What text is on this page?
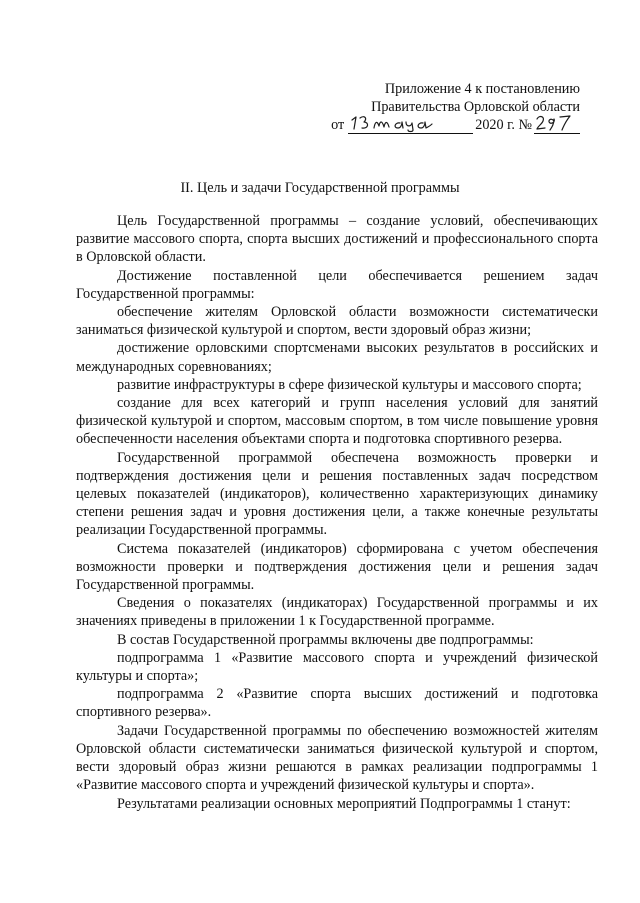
Приложение 4 к постановлению
Правительства Орловской области
от	2020 г. №
II. Цель и задачи Государственной программы

Цель Государственной программы – создание условий, обеспечивающих развитие массового спорта, спорта высших достижений и профессионального спорта в Орловской области.

Достижение поставленной цели обеспечивается решением задач Государственной программы:

обеспечение жителям Орловской области возможности систематически заниматься физической культурой и спортом, вести здоровый образ жизни;

достижение орловскими спортсменами высоких результатов в российских и международных соревнованиях;

развитие инфраструктуры в сфере физической культуры и массового спорта;

создание для всех категорий и групп населения условий для занятий физической культурой и спортом, массовым спортом, в том числе повышение уровня обеспеченности населения объектами спорта и подготовка спортивного резерва.

Государственной программой обеспечена возможность проверки и подтверждения достижения цели и решения поставленных задач посредством целевых показателей (индикаторов), количественно характеризующих динамику степени решения задач и уровня достижения цели, а также конечные результаты реализации Государственной программы.

Система показателей (индикаторов) сформирована с учетом обеспечения возможности проверки и подтверждения достижения цели и решения задач Государственной программы.

Сведения о показателях (индикаторах) Государственной программы и их значениях приведены в приложении 1 к Государственной программе.

В состав Государственной программы включены две подпрограммы:

подпрограмма 1 «Развитие массового спорта и учреждений физической культуры и спорта»;

подпрограмма 2 «Развитие спорта высших достижений и подготовка спортивного резерва».

Задачи Государственной программы по обеспечению возможностей жителям Орловской области систематически заниматься физической культурой и спортом, вести здоровый образ жизни решаются в рамках реализации подпрограммы 1 «Развитие массового спорта и учреждений физической культуры и спорта».

Результатами реализации основных мероприятий Подпрограммы 1 станут:
